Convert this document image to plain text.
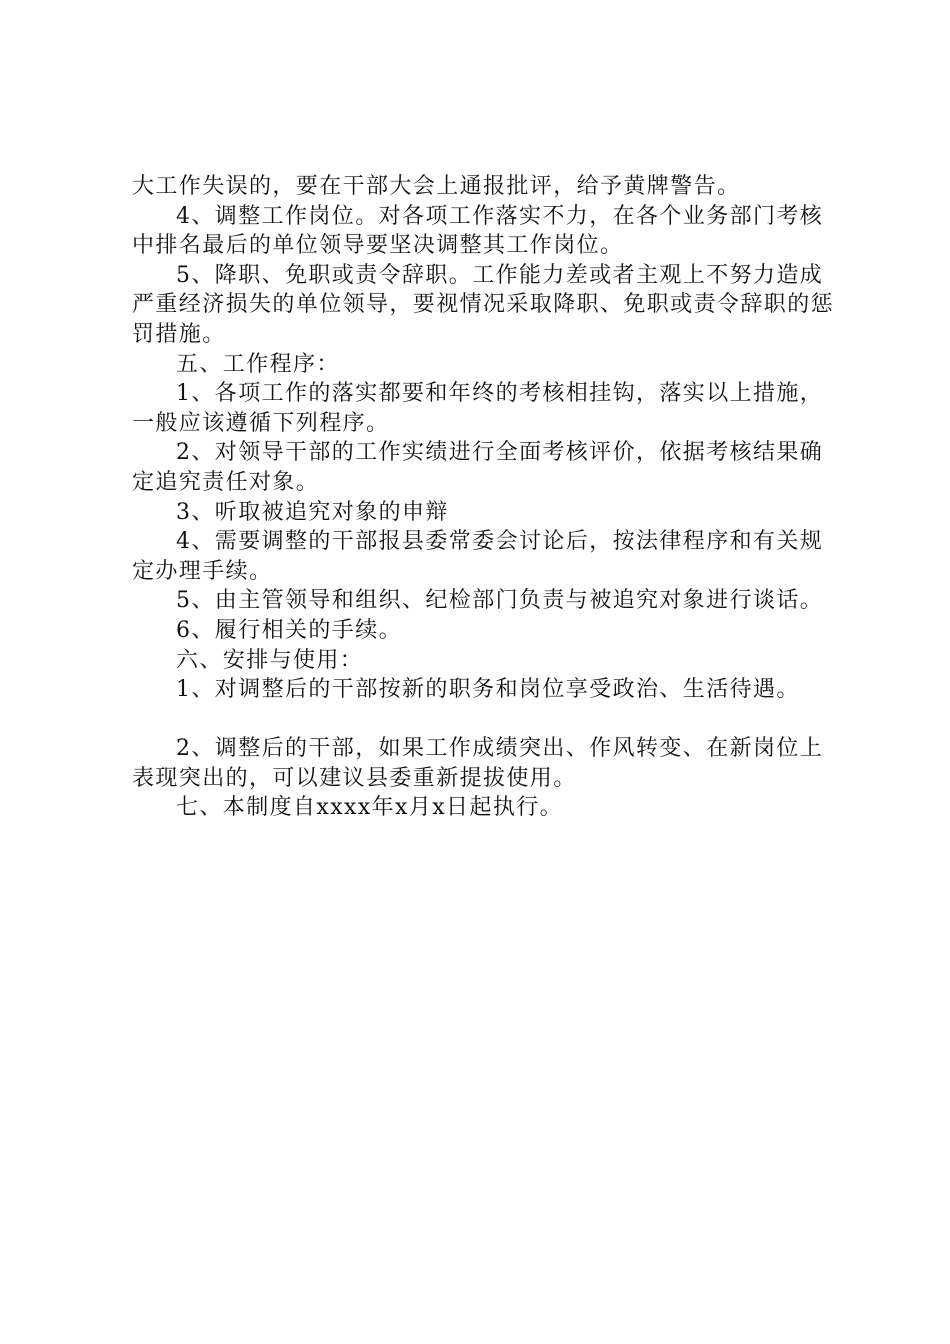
大工作失误的，要在干部大会上通报批评，给予黄牌警告。

4、调整工作岗位。对各项工作落实不力，在各个业务部门考核中排名最后的单位领导要坚决调整其工作岗位。

5、降职、免职或责令辞职。工作能力差或者主观上不努力造成严重经济损失的单位领导，要视情况采取降职、免职或责令辞职的惩罚措施。

五、工作程序：

1、各项工作的落实都要和年终的考核相挂钩，落实以上措施，一般应该遵循下列程序。

2、对领导干部的工作实绩进行全面考核评价，依据考核结果确定追究责任对象。

3、听取被追究对象的申辩

4、需要调整的干部报县委常委会讨论后，按法律程序和有关规定办理手续。

5、由主管领导和组织、纪检部门负责与被追究对象进行谈话。

6、履行相关的手续。

六、安排与使用：

1、对调整后的干部按新的职务和岗位享受政治、生活待遇。

2、调整后的干部，如果工作成绩突出、作风转变、在新岗位上表现突出的，可以建议县委重新提拔使用。

七、本制度自xxxx年x月x日起执行。
